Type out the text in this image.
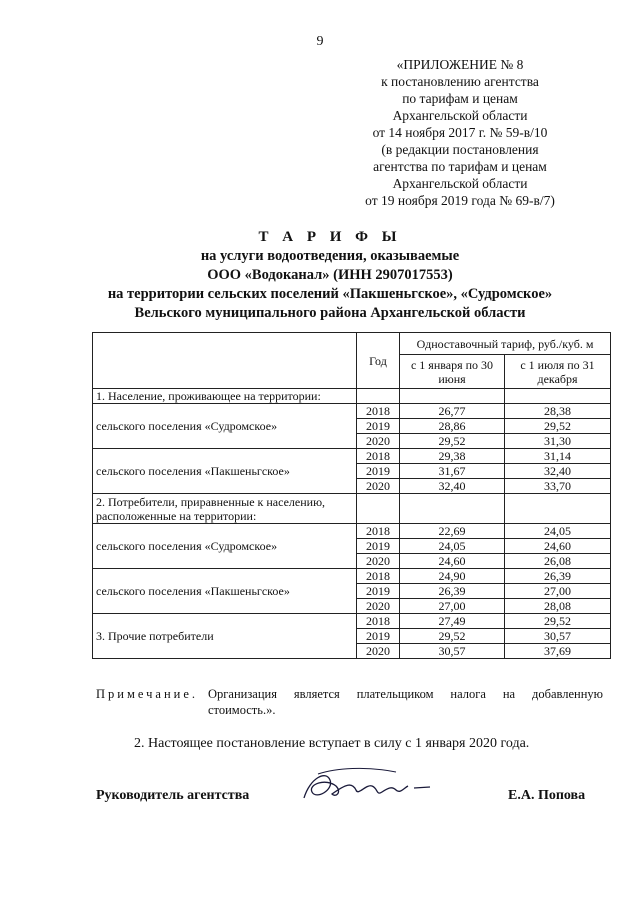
9
«ПРИЛОЖЕНИЕ № 8
к постановлению агентства
по тарифам и ценам
Архангельской области
от 14 ноября 2017 г. № 59-в/10
(в редакции постановления
агентства по тарифам и ценам
Архангельской области
от 19 ноября 2019 года № 69-в/7)
Т А Р И Ф Ы
на услуги водоотведения, оказываемые
ООО «Водоканал» (ИНН 2907017553)
на территории сельских поселений «Пакшеньгское», «Судромское»
Вельского муниципального района Архангельской области
	Год	Одноставочный тариф, руб./куб. м	
		с 1 января по 30 июня	с 1 июля по 31 декабря
1. Население, проживающее на территории:			
сельского поселения «Судромское»	2018	26,77	28,38
	2019	28,86	29,52
	2020	29,52	31,30
сельского поселения «Пакшеньгское»	2018	29,38	31,14
	2019	31,67	32,40
	2020	32,40	33,70
2. Потребители, приравненные к населению, расположенные на территории:			
сельского поселения «Судромское»	2018	22,69	24,05
	2019	24,05	24,60
	2020	24,60	26,08
сельского поселения «Пакшеньгское»	2018	24,90	26,39
	2019	26,39	27,00
	2020	27,00	28,08
3. Прочие потребители	2018	27,49	29,52
	2019	29,52	30,57
	2020	30,57	37,69
Примечание. Организация является плательщиком налога на добавленную стоимость.».
2. Настоящее постановление вступает в силу с 1 января 2020 года.
Руководитель агентства	Е.А. Попова
